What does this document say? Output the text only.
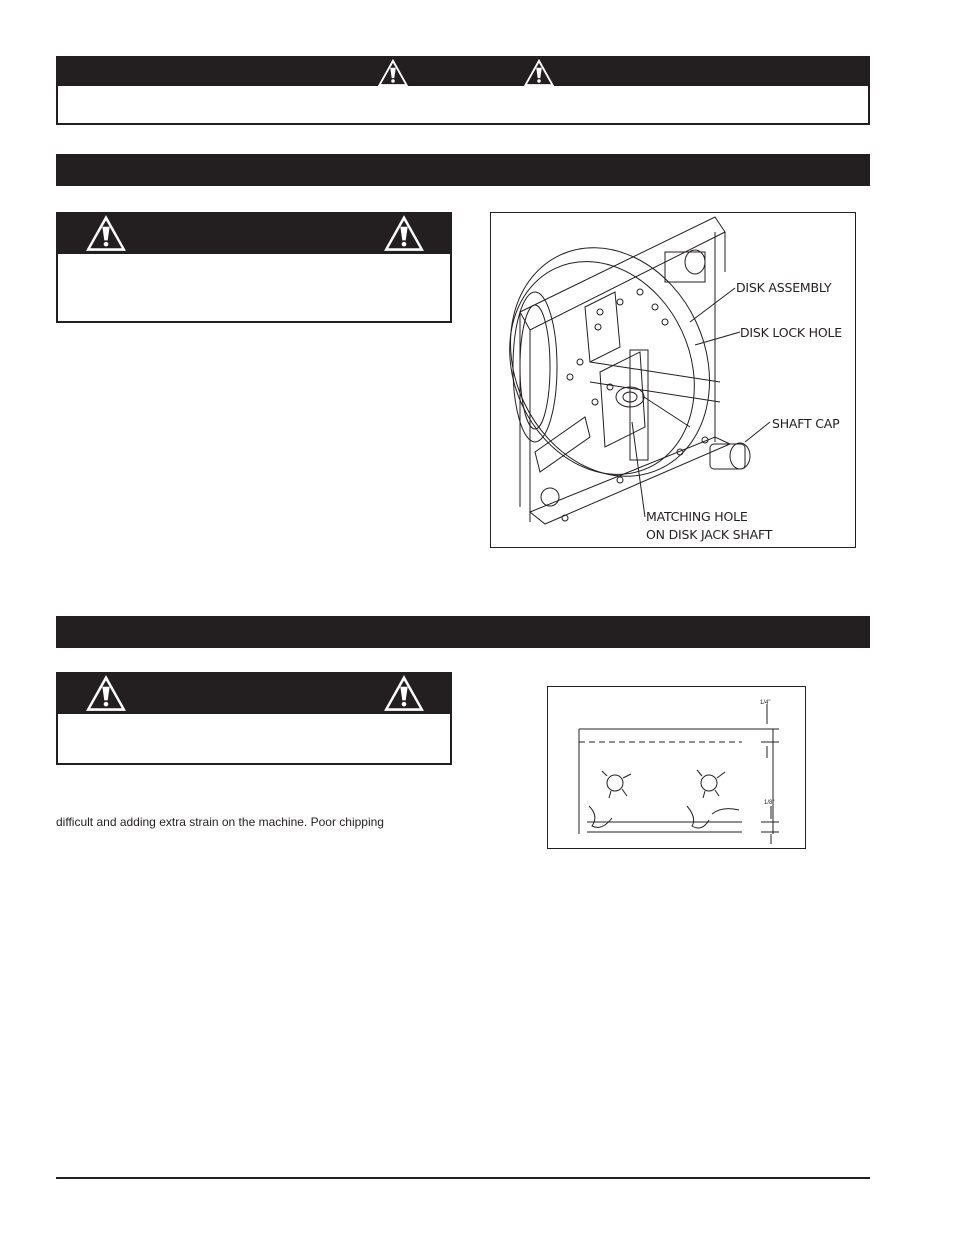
DISK ASSEMBLY
DISK LOCK HOLE
SHAFT CAP
MATCHING HOLE
ON DISK JACK SHAFT
difficult and adding extra strain on the machine. Poor chipping
1/4"
1/8"
